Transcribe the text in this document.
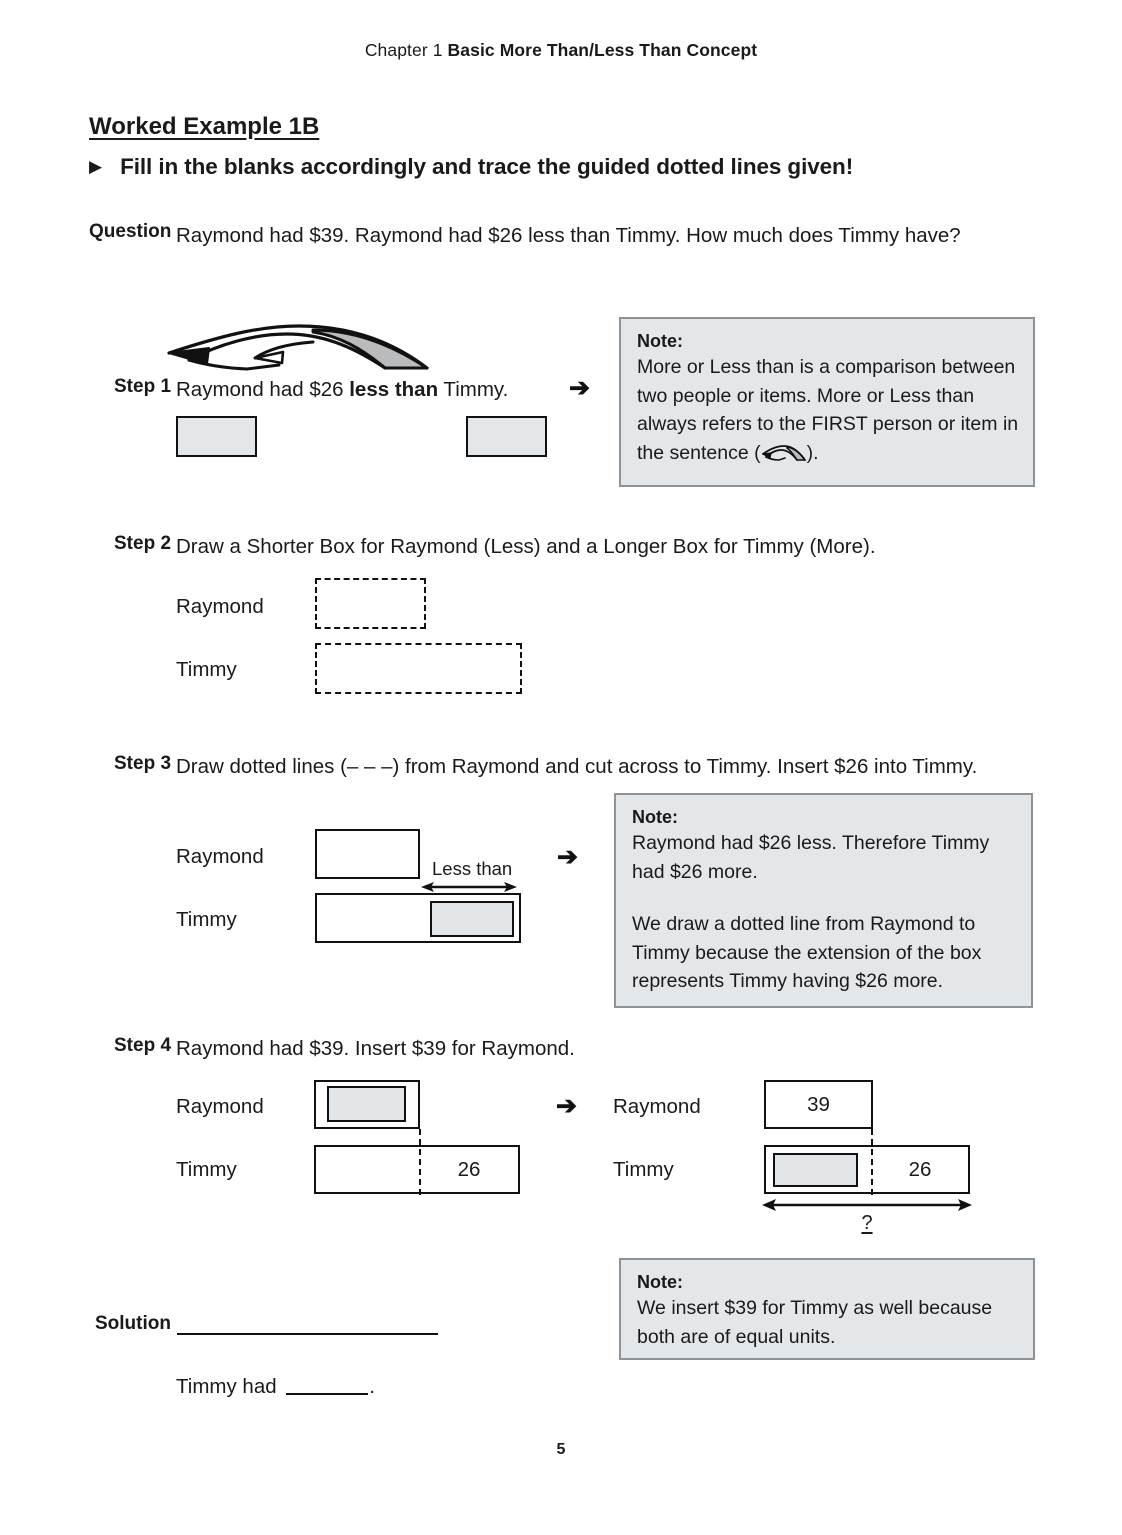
Chapter 1 Basic More Than/Less Than Concept
Worked Example 1B
▶ Fill in the blanks accordingly and trace the guided dotted lines given!
Question Raymond had $39. Raymond had $26 less than Timmy. How much does Timmy have?
Step 1 Raymond had $26 less than Timmy. ➔
Note:
More or Less than is a comparison between two people or items. More or Less than always refers to the FIRST person or item in the sentence ( ).
Step 2 Draw a Shorter Box for Raymond (Less) and a Longer Box for Timmy (More).
Raymond
Timmy
Step 3 Draw dotted lines (– – –) from Raymond and cut across to Timmy. Insert $26 into Timmy.
Raymond
Less than
Timmy
➔
Note:
Raymond had $26 less. Therefore Timmy had $26 more.
We draw a dotted line from Raymond to Timmy because the extension of the box represents Timmy having $26 more.
Step 4 Raymond had $39. Insert $39 for Raymond.
Raymond
Timmy	26
➔ Raymond	39
Timmy	26
?
Note:
We insert $39 for Timmy as well because both are of equal units.
Solution
Timmy had	.
5
